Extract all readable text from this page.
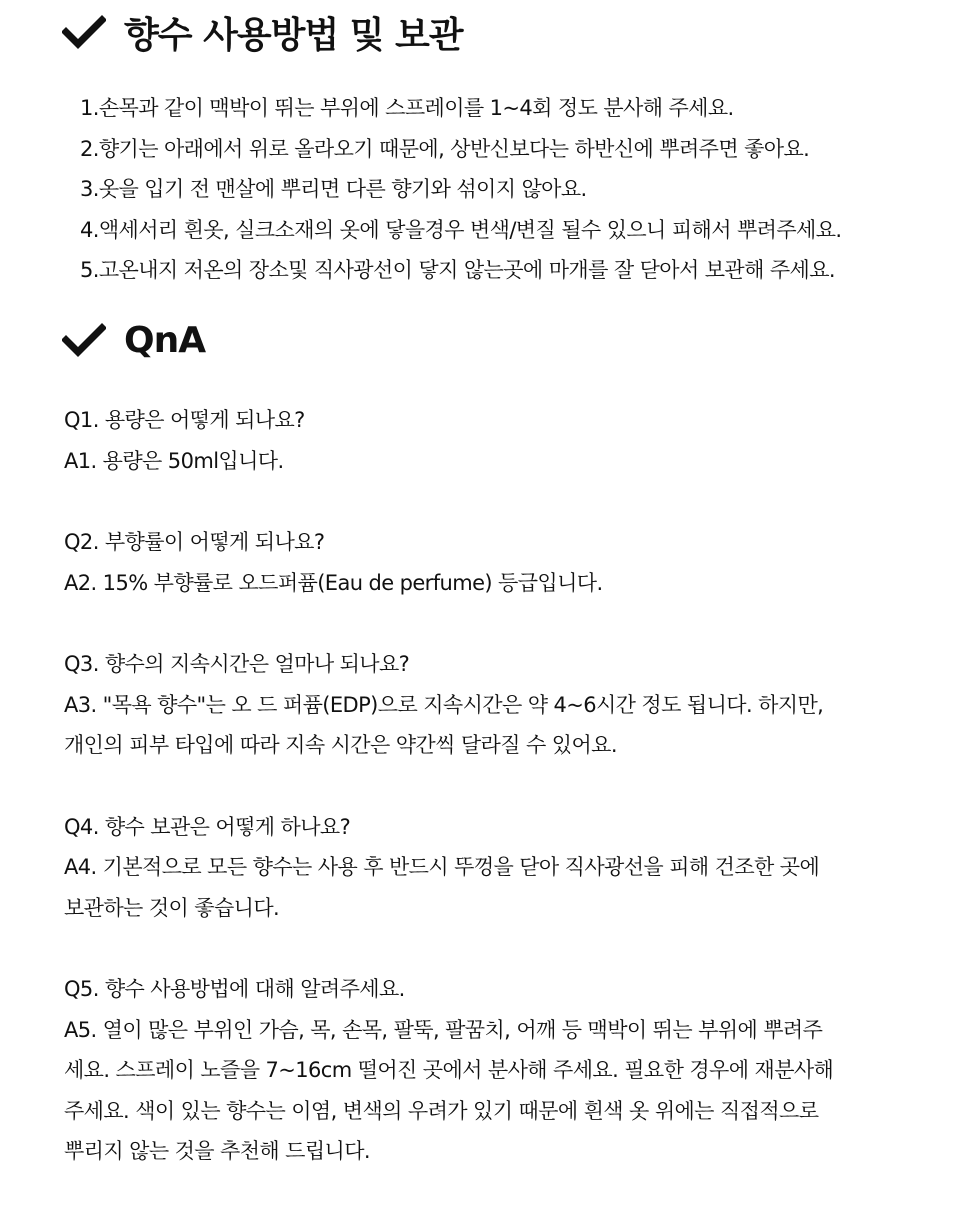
향수 사용방법 및 보관
1.손목과 같이 맥박이 뛰는 부위에 스프레이를 1~4회 정도 분사해 주세요.
2.향기는 아래에서 위로 올라오기 때문에, 상반신보다는 하반신에 뿌려주면 좋아요.
3.옷을 입기 전 맨살에 뿌리면 다른 향기와 섞이지 않아요.
4.액세서리 흰옷, 실크소재의 옷에 닿을경우 변색/변질 될수 있으니 피해서 뿌려주세요.
5.고온내지 저온의 장소및 직사광선이 닿지 않는곳에 마개를 잘 닫아서 보관해 주세요.
QnA
Q1. 용량은 어떻게 되나요?
A1. 용량은 50ml입니다.
Q2. 부향률이 어떻게 되나요?
A2. 15% 부향률로 오드퍼퓸(Eau de perfume) 등급입니다.
Q3. 향수의 지속시간은 얼마나 되나요?
A3. "목욕 향수"는 오 드 퍼퓸(EDP)으로 지속시간은 약 4~6시간 정도 됩니다. 하지만,
개인의 피부 타입에 따라 지속 시간은 약간씩 달라질 수 있어요.
Q4. 향수 보관은 어떻게 하나요?
A4. 기본적으로 모든 향수는 사용 후 반드시 뚜껑을 닫아 직사광선을 피해 건조한 곳에
보관하는 것이 좋습니다.
Q5. 향수 사용방법에 대해 알려주세요.
A5. 열이 많은 부위인 가슴, 목, 손목, 팔뚝, 팔꿈치, 어깨 등 맥박이 뛰는 부위에 뿌려주
세요. 스프레이 노즐을 7~16cm 떨어진 곳에서 분사해 주세요. 필요한 경우에 재분사해
주세요. 색이 있는 향수는 이염, 변색의 우려가 있기 때문에 흰색 옷 위에는 직접적으로
뿌리지 않는 것을 추천해 드립니다.
